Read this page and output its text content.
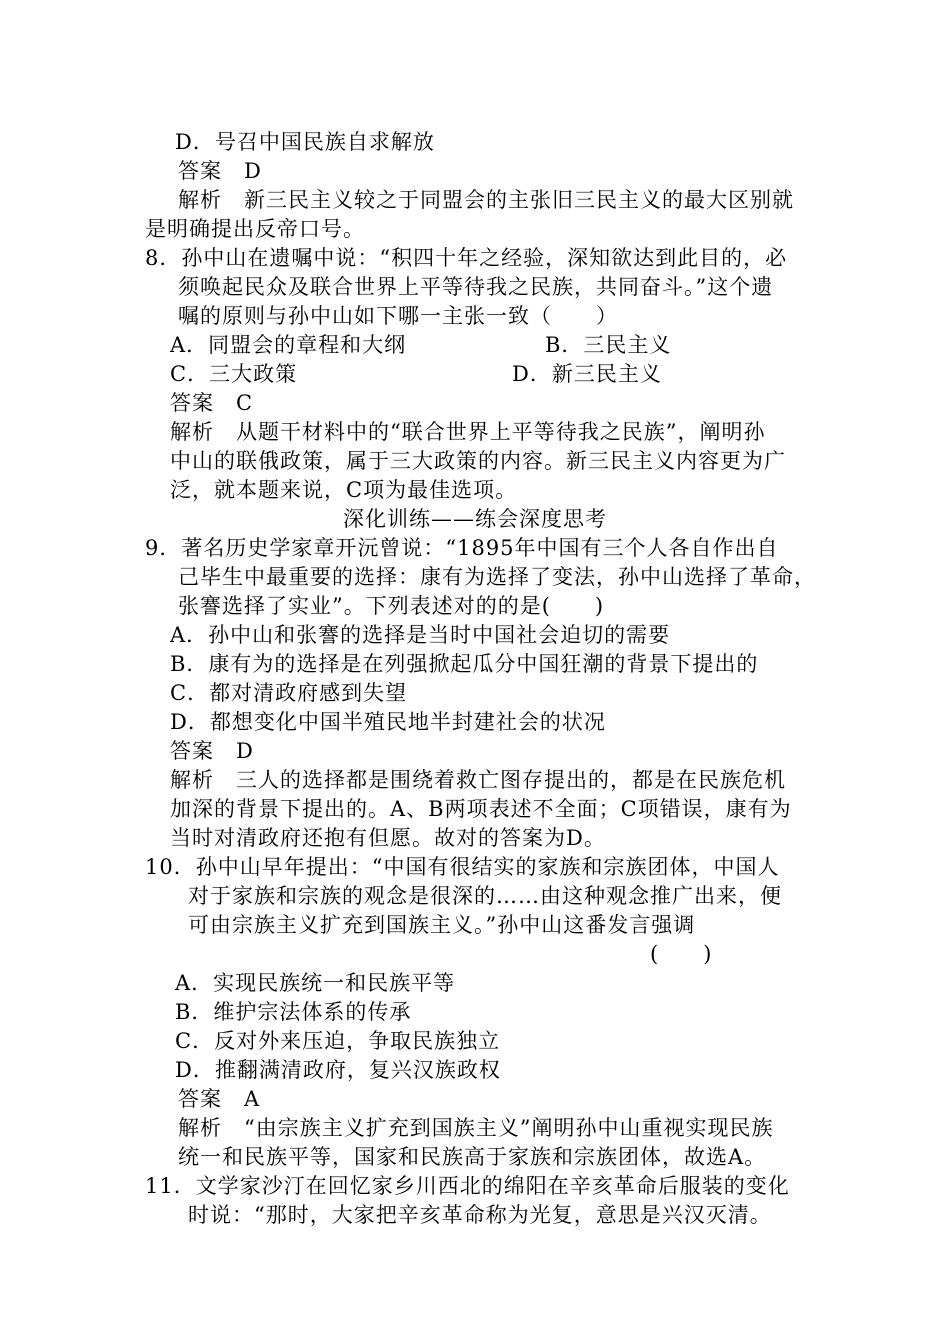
D．号召中国民族自求解放
答案　D
解析　新三民主义较之于同盟会的主张旧三民主义的最大区别就
是明确提出反帝口号。
8．孙中山在遗嘱中说：“积四十年之经验，深知欲达到此目的，必
须唤起民众及联合世界上平等待我之民族，共同奋斗。”这个遗
嘱的原则与孙中山如下哪一主张一致（　　）
A．同盟会的章程和大纲	B．三民主义
C．三大政策	D．新三民主义
答案　C
解析　从题干材料中的“联合世界上平等待我之民族”，阐明孙
中山的联俄政策，属于三大政策的内容。新三民主义内容更为广
泛，就本题来说，C项为最佳选项。
深化训练——练会深度思考
9．著名历史学家章开沅曾说：“1895年中国有三个人各自作出自
己毕生中最重要的选择：康有为选择了变法，孙中山选择了革命，
张謇选择了实业”。下列表述对的的是(　　)
A．孙中山和张謇的选择是当时中国社会迫切的需要
B．康有为的选择是在列强掀起瓜分中国狂潮的背景下提出的
C．都对清政府感到失望
D．都想变化中国半殖民地半封建社会的状况
答案　D
解析　三人的选择都是围绕着救亡图存提出的，都是在民族危机
加深的背景下提出的。A、B两项表述不全面；C项错误，康有为
当时对清政府还抱有但愿。故对的答案为D。
10．孙中山早年提出：“中国有很结实的家族和宗族团体，中国人
对于家族和宗族的观念是很深的……由这种观念推广出来，便
可由宗族主义扩充到国族主义。”孙中山这番发言强调
(　　)
A．实现民族统一和民族平等
B．维护宗法体系的传承
C．反对外来压迫，争取民族独立
D．推翻满清政府，复兴汉族政权
答案　A
解析　“由宗族主义扩充到国族主义”阐明孙中山重视实现民族
统一和民族平等，国家和民族高于家族和宗族团体，故选A。
11．文学家沙汀在回忆家乡川西北的绵阳在辛亥革命后服装的变化
时说：“那时，大家把辛亥革命称为光复，意思是兴汉灭清。
